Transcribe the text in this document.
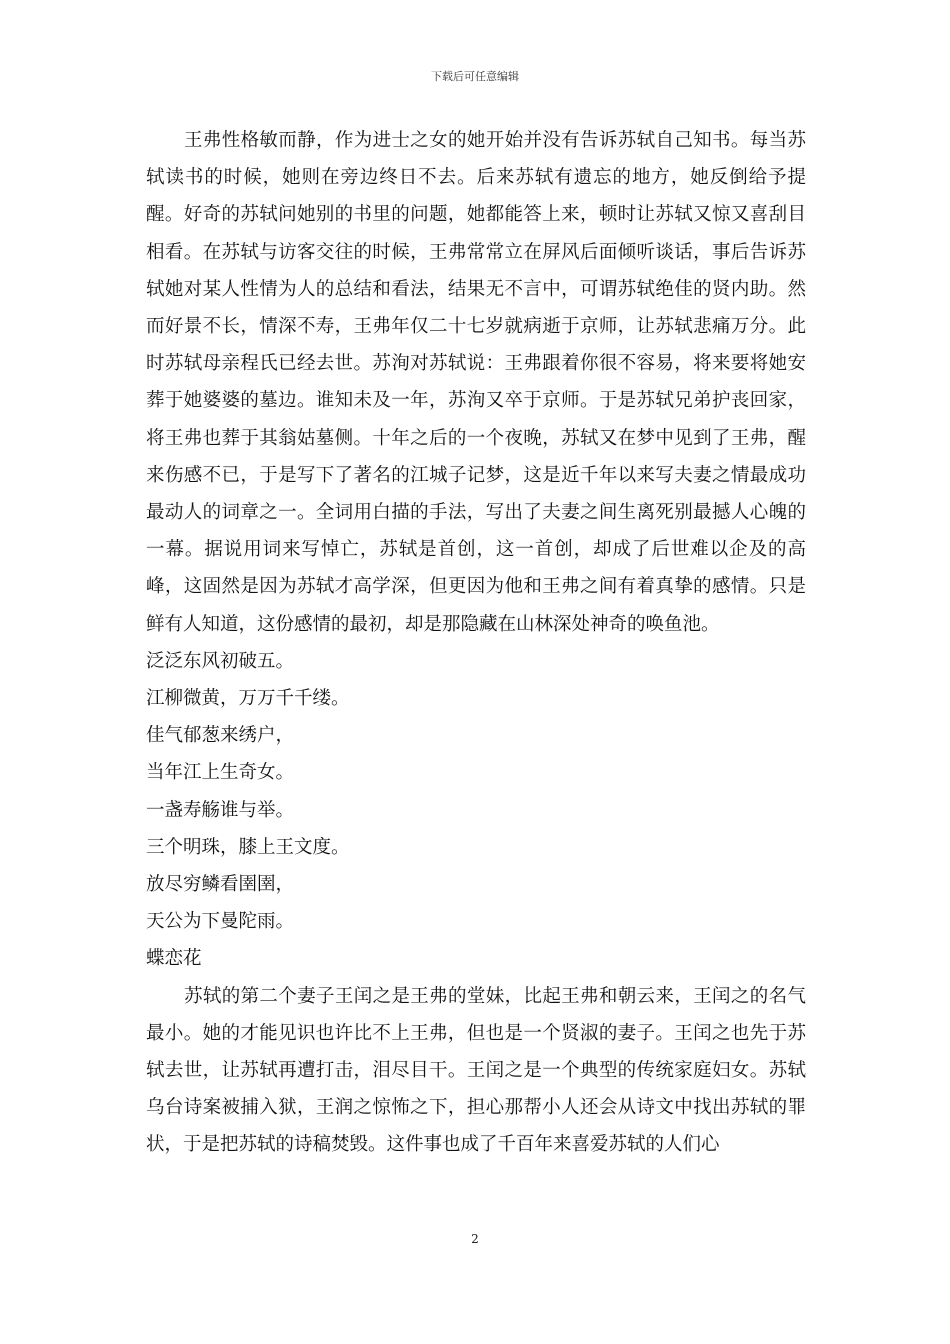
下载后可任意编辑

王弗性格敏而静，作为进士之女的她开始并没有告诉苏轼自己知书。每当苏轼读书的时候，她则在旁边终日不去。后来苏轼有遗忘的地方，她反倒给予提醒。好奇的苏轼问她别的书里的问题，她都能答上来，顿时让苏轼又惊又喜刮目相看。在苏轼与访客交往的时候，王弗常常立在屏风后面倾听谈话，事后告诉苏轼她对某人性情为人的总结和看法，结果无不言中，可谓苏轼绝佳的贤内助。然而好景不长，情深不寿，王弗年仅二十七岁就病逝于京师，让苏轼悲痛万分。此时苏轼母亲程氏已经去世。苏洵对苏轼说：王弗跟着你很不容易，将来要将她安葬于她婆婆的墓边。谁知未及一年，苏洵又卒于京师。于是苏轼兄弟护丧回家，将王弗也葬于其翁姑墓侧。十年之后的一个夜晚，苏轼又在梦中见到了王弗，醒来伤感不已，于是写下了著名的江城子记梦，这是近千年以来写夫妻之情最成功最动人的词章之一。全词用白描的手法，写出了夫妻之间生离死别最撼人心魄的一幕。据说用词来写悼亡，苏轼是首创，这一首创，却成了后世难以企及的高峰，这固然是因为苏轼才高学深，但更因为他和王弗之间有着真挚的感情。只是鲜有人知道，这份感情的最初，却是那隐藏在山林深处神奇的唤鱼池。

泛泛东风初破五。

江柳微黄，万万千千缕。

佳气郁葱来绣户，

当年江上生奇女。

一盏寿觞谁与举。

三个明珠，膝上王文度。

放尽穷鳞看圉圉，

天公为下曼陀雨。

蝶恋花

苏轼的第二个妻子王闰之是王弗的堂妹，比起王弗和朝云来，王闰之的名气最小。她的才能见识也许比不上王弗，但也是一个贤淑的妻子。王闰之也先于苏轼去世，让苏轼再遭打击，泪尽目干。王闰之是一个典型的传统家庭妇女。苏轼乌台诗案被捕入狱，王润之惊怖之下，担心那帮小人还会从诗文中找出苏轼的罪状，于是把苏轼的诗稿焚毁。这件事也成了千百年来喜爱苏轼的人们心

2
